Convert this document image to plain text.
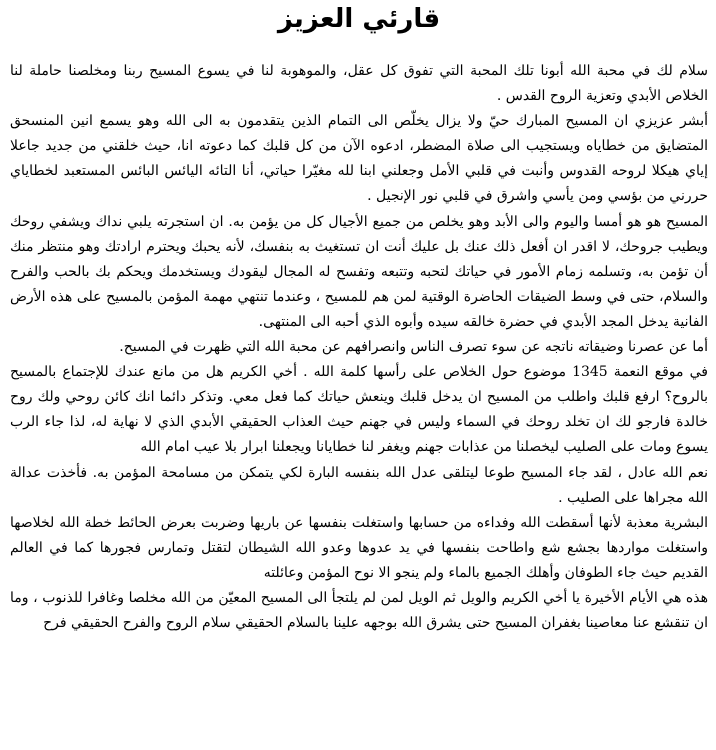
قارئي العزيز

سلام لك في محبة الله أبونا تلك المحبة التي تفوق كل عقل، والموهوبة لنا في يسوع المسيح ربنا ومخلصنا حاملة لنا الخلاص الأبدي وتعزية الروح القدس .

أبشر عزيزي ان المسيح المبارك حيّ ولا يزال يخلّص الى التمام الذين يتقدمون به الى الله وهو يسمع انين المنسحق المتضايق من خطاياه ويستجيب الى صلاة المضطر، ادعوه الآن من كل قلبك كما دعوته انا، حيث خلقني من جديد جاعلا إياي هيكلا لروحه القدوس وأنبت في قلبي الأمل وجعلني ابنا لله مغيّرا حياتي، أنا التائه اليائس البائس المستعبد لخطاياي حررني من بؤسي ومن يأسي واشرق في قلبي نور الإنجيل .

المسيح هو هو أمسا واليوم والى الأبد وهو يخلص من جميع الأجيال كل من يؤمن به. ان استجرته يلبي نداك ويشفي روحك ويطيب جروحك، لا اقدر ان أفعل ذلك عنك بل عليك أنت ان تستغيث به بنفسك، لأنه يحبك ويحترم ارادتك وهو منتظر منك أن تؤمن به، وتسلمه زمام الأمور في حياتك لتحبه وتتبعه وتفسح له المجال ليقودك ويستخدمك ويحكم بك بالحب والفرح والسلام، حتى في وسط الضيقات الحاضرة الوقتية لمن هم للمسيح ، وعندما تنتهي مهمة المؤمن بالمسيح على هذه الأرض الفانية يدخل المجد الأبدي في حضرة خالقه سيده وأبوه الذي أحبه الى المنتهى.

أما عن عصرنا وضيقاته ناتجه عن سوء تصرف الناس وانصرافهم عن محبة الله التي ظهرت في المسيح.

في موقع النعمة 1345 موضوع حول الخلاص على رأسها كلمة الله . أخي الكريم هل من مانع عندك للإجتماع بالمسيح بالروح؟ ارفع قلبك واطلب من المسيح ان يدخل قلبك وينعش حياتك كما فعل معي. وتذكر دائما انك كائن روحي ولك روح خالدة فارجو لك ان تخلد روحك في السماء وليس في جهنم حيث العذاب الحقيقي الأبدي الذي لا نهاية له، لذا جاء الرب يسوع ومات على الصليب ليخصلنا من عذابات جهنم ويغفر لنا خطايانا ويجعلنا ابرار بلا عيب امام الله

نعم الله عادل ، لقد جاء المسيح طوعا ليتلقى عدل الله بنفسه البارة لكي يتمكن من مسامحة المؤمن به. فأخذت عدالة الله مجراها على الصليب .

البشرية معذبة لأنها أسقطت الله وفداءه من حسابها واستغلت بنفسها عن باريها وضربت بعرض الحائط خطة الله لخلاصها واستغلت مواردها بجشع شع واطاحت بنفسها في يد عدوها وعدو الله الشيطان لتقتل وتمارس فجورها كما في العالم القديم حيث جاء الطوفان وأهلك الجميع بالماء ولم ينجو الا نوح المؤمن وعائلته

هذه هي الأيام الأخيرة يا أخي الكريم والويل ثم الويل لمن لم يلتجأ الى المسيح المعيّن من الله مخلصا وغافرا للذنوب ، وما ان تنقشع عنا معاصينا بغفران المسيح حتى يشرق الله بوجهه علينا بالسلام الحقيقي سلام الروح والفرح الحقيقي فرح
